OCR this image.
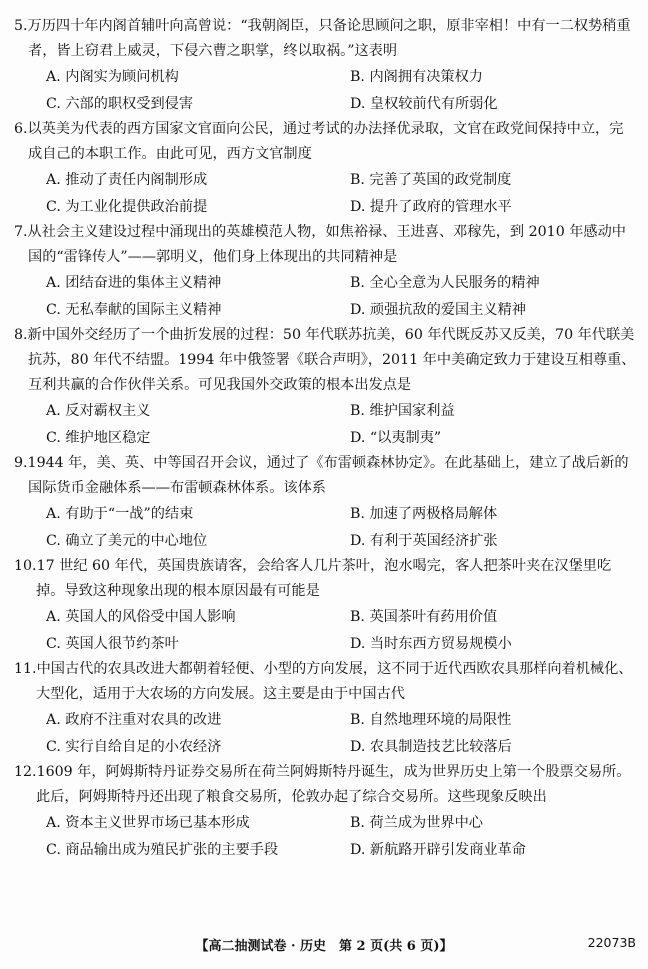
5.万历四十年内阁首辅叶向高曾说：“我朝阁臣，只备论思顾问之职，原非宰相！中有一二权势稍重者，皆上窃君上威灵，下侵六曹之职掌，终以取祸。”这表明

A. 内阁实为顾问机构	B. 内阁拥有决策权力
C. 六部的职权受到侵害	D. 皇权较前代有所弱化

6.以英美为代表的西方国家文官面向公民，通过考试的办法择优录取，文官在政党间保持中立，完成自己的本职工作。由此可见，西方文官制度

A. 推动了责任内阁制形成	B. 完善了英国的政党制度
C. 为工业化提供政治前提	D. 提升了政府的管理水平

7.从社会主义建设过程中涌现出的英雄模范人物，如焦裕禄、王进喜、邓稼先，到 2010 年感动中国的“雷锋传人”——郭明义，他们身上体现出的共同精神是

A. 团结奋进的集体主义精神	B. 全心全意为人民服务的精神
C. 无私奉献的国际主义精神	D. 顽强抗敌的爱国主义精神

8.新中国外交经历了一个曲折发展的过程：50 年代联苏抗美，60 年代既反苏又反美，70 年代联美抗苏，80 年代不结盟。1994 年中俄签署《联合声明》，2011 年中美确定致力于建设互相尊重、互利共赢的合作伙伴关系。可见我国外交政策的根本出发点是

A. 反对霸权主义	B. 维护国家利益
C. 维护地区稳定	D. “以夷制夷”

9.1944 年，美、英、中等国召开会议，通过了《布雷顿森林协定》。在此基础上，建立了战后新的国际货币金融体系——布雷顿森林体系。该体系

A. 有助于“一战”的结束	B. 加速了两极格局解体
C. 确立了美元的中心地位	D. 有利于英国经济扩张

10.17 世纪 60 年代，英国贵族请客，会给客人几片茶叶，泡水喝完，客人把茶叶夹在汉堡里吃掉。导致这种现象出现的根本原因最有可能是

A. 英国人的风俗受中国人影响	B. 英国茶叶有药用价值
C. 英国人很节约茶叶	D. 当时东西方贸易规模小

11.中国古代的农具改进大都朝着轻便、小型的方向发展，这不同于近代西欧农具那样向着机械化、大型化，适用于大农场的方向发展。这主要是由于中国古代

A. 政府不注重对农具的改进	B. 自然地理环境的局限性
C. 实行自给自足的小农经济	D. 农具制造技艺比较落后

12.1609 年，阿姆斯特丹证券交易所在荷兰阿姆斯特丹诞生，成为世界历史上第一个股票交易所。此后，阿姆斯特丹还出现了粮食交易所，伦敦办起了综合交易所。这些现象反映出

A. 资本主义世界市场已基本形成	B. 荷兰成为世界中心
C. 商品输出成为殖民扩张的主要手段	D. 新航路开辟引发商业革命
【高二抽测试卷 · 历史　第 2 页(共 6 页)】	22073B
